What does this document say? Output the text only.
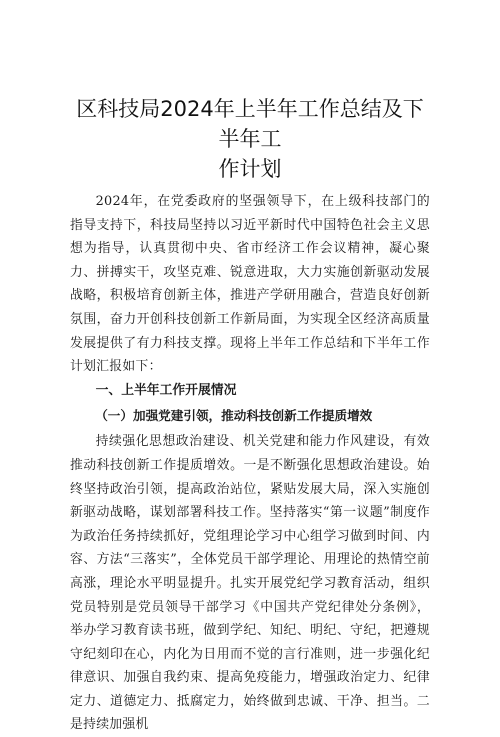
区科技局2024年上半年工作总结及下半年工
作计划

2024年，在党委政府的坚强领导下，在上级科技部门的指导支持下，科技局坚持以习近平新时代中国特色社会主义思想为指导，认真贯彻中央、省市经济工作会议精神，凝心聚力、拼搏实干，攻坚克难、锐意进取，大力实施创新驱动发展战略，积极培育创新主体，推进产学研用融合，营造良好创新氛围，奋力开创科技创新工作新局面，为实现全区经济高质量发展提供了有力科技支撑。现将上半年工作总结和下半年工作计划汇报如下：

一、上半年工作开展情况

（一）加强党建引领，推动科技创新工作提质增效

持续强化思想政治建设、机关党建和能力作风建设，有效推动科技创新工作提质增效。一是不断强化思想政治建设。始终坚持政治引领，提高政治站位，紧贴发展大局，深入实施创新驱动战略，谋划部署科技工作。坚持落实“第一议题”制度作为政治任务持续抓好，党组理论学习中心组学习做到时间、内容、方法“三落实”，全体党员干部学理论、用理论的热情空前高涨，理论水平明显提升。扎实开展党纪学习教育活动，组织党员特别是党员领导干部学习《中国共产党纪律处分条例》，举办学习教育读书班，做到学纪、知纪、明纪、守纪，把遵规守纪刻印在心，内化为日用而不觉的言行准则，进一步强化纪律意识、加强自我约束、提高免疫能力，增强政治定力、纪律定力、道德定力、抵腐定力，始终做到忠诚、干净、担当。二是持续加强机
